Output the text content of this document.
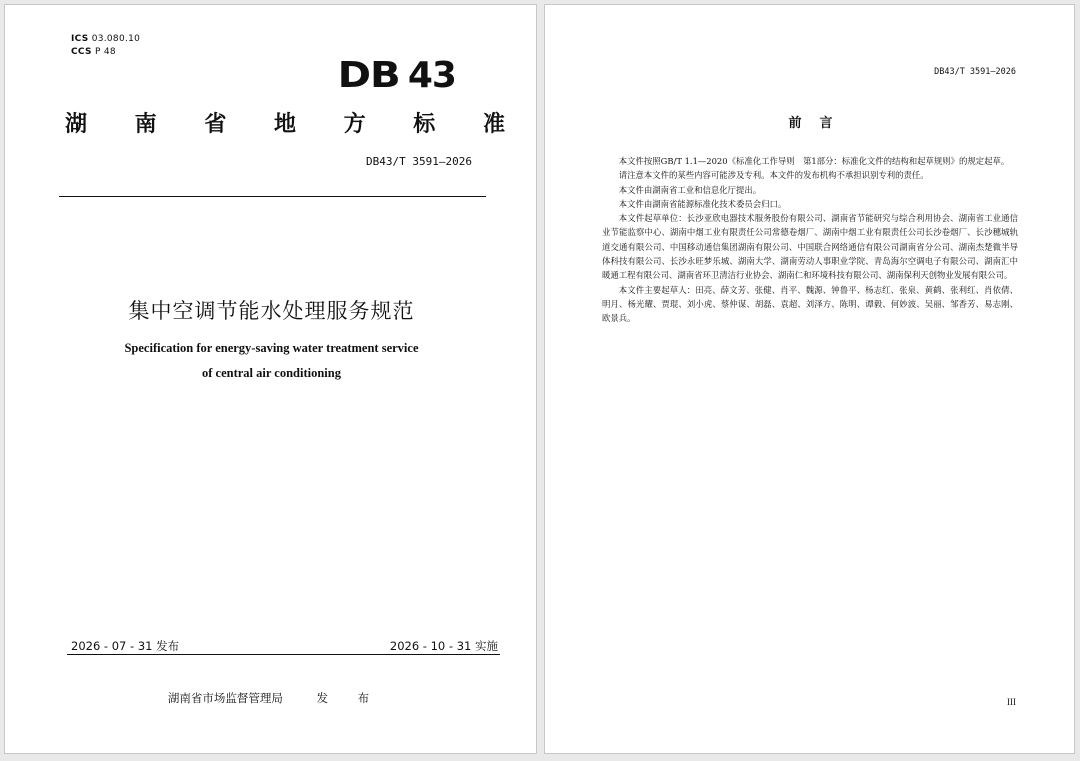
ICS 03.080.10
CCS P 48
DB 43
湖 南 省 地 方 标 准
DB43/T 3591—2026
集中空调节能水处理服务规范
Specification for energy-saving water treatment service
of central air conditioning
2026 - 07 - 31 发布	2026 - 10 - 31 实施
湖南省市场监督管理局	发 布
DB43/T 3591—2026
前言

本文件按照GB/T 1.1—2020《标准化工作导则　第1部分：标准化文件的结构和起草规则》的规定起草。

请注意本文件的某些内容可能涉及专利。本文件的发布机构不承担识别专利的责任。

本文件由湖南省工业和信息化厅提出。

本文件由湖南省能源标准化技术委员会归口。

本文件起草单位：长沙亚欣电器技术服务股份有限公司、湖南省节能研究与综合利用协会、湖南省工业通信业节能监察中心、湖南中烟工业有限责任公司常德卷烟厂、湖南中烟工业有限责任公司长沙卷烟厂、长沙穗城轨道交通有限公司、中国移动通信集团湖南有限公司、中国联合网络通信有限公司湖南省分公司、湖南杰楚微半导体科技有限公司、长沙永旺梦乐城、湖南大学、湖南劳动人事职业学院、青岛海尔空调电子有限公司、湖南汇中暖通工程有限公司、湖南省环卫清洁行业协会、湖南仁和环境科技有限公司、湖南保利天创物业发展有限公司。

本文件主要起草人：田亮、薛文芳、张健、肖平、魏源、钟鲁平、杨志红、张泉、黄鹤、张利红、肖依倩、明月、杨光耀、贾琨、刘小虎、蔡仲谋、胡磊、袁超、刘泽方、陈明、谭毅、何妙波、吴丽、邹香芳、易志刚、欧景兵。

III
